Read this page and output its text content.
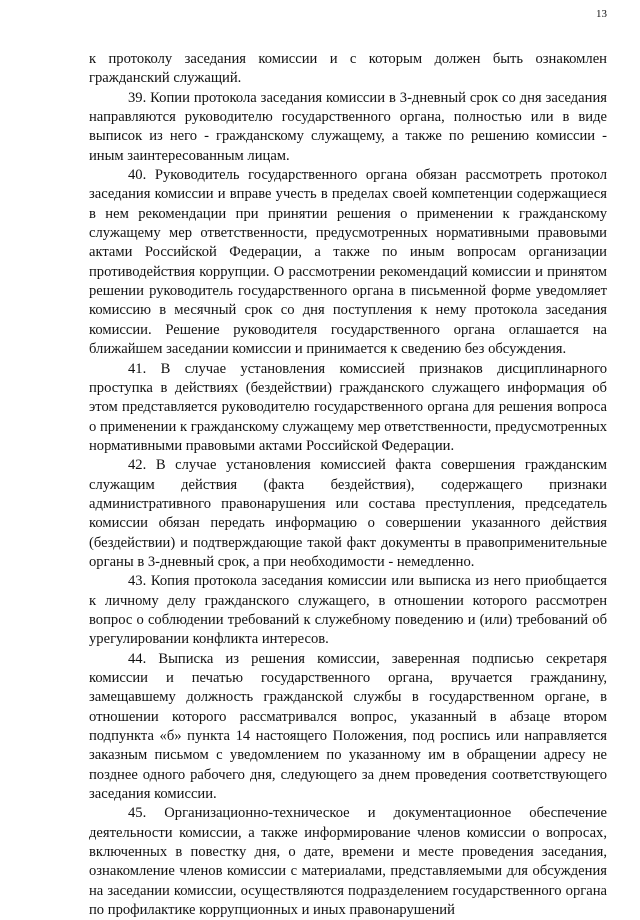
13

к протоколу заседания комиссии и с которым должен быть ознакомлен гражданский служащий.

39. Копии протокола заседания комиссии в 3-дневный срок со дня заседания направляются руководителю государственного органа, полностью или в виде выписок из него - гражданскому служащему, а также по решению комиссии - иным заинтересованным лицам.

40. Руководитель государственного органа обязан рассмотреть протокол заседания комиссии и вправе учесть в пределах своей компетенции содержащиеся в нем рекомендации при принятии решения о применении к гражданскому служащему мер ответственности, предусмотренных нормативными правовыми актами Российской Федерации, а также по иным вопросам организации противодействия коррупции. О рассмотрении рекомендаций комиссии и принятом решении руководитель государственного органа в письменной форме уведомляет комиссию в месячный срок со дня поступления к нему протокола заседания комиссии. Решение руководителя государственного органа оглашается на ближайшем заседании комиссии и принимается к сведению без обсуждения.

41. В случае установления комиссией признаков дисциплинарного проступка в действиях (бездействии) гражданского служащего информация об этом представляется руководителю государственного органа для решения вопроса о применении к гражданскому служащему мер ответственности, предусмотренных нормативными правовыми актами Российской Федерации.

42. В случае установления комиссией факта совершения гражданским служащим действия (факта бездействия), содержащего признаки административного правонарушения или состава преступления, председатель комиссии обязан передать информацию о совершении указанного действия (бездействии) и подтверждающие такой факт документы в правоприменительные органы в 3-дневный срок, а при необходимости - немедленно.

43. Копия протокола заседания комиссии или выписка из него приобщается к личному делу гражданского служащего, в отношении которого рассмотрен вопрос о соблюдении требований к служебному поведению и (или) требований об урегулировании конфликта интересов.

44. Выписка из решения комиссии, заверенная подписью секретаря комиссии и печатью государственного органа, вручается гражданину, замещавшему должность гражданской службы в государственном органе, в отношении которого рассматривался вопрос, указанный в абзаце втором подпункта «б» пункта 14 настоящего Положения, под роспись или направляется заказным письмом с уведомлением по указанному им в обращении адресу не позднее одного рабочего дня, следующего за днем проведения соответствующего заседания комиссии.

45. Организационно-техническое и документационное обеспечение деятельности комиссии, а также информирование членов комиссии о вопросах, включенных в повестку дня, о дате, времени и месте проведения заседания, ознакомление членов комиссии с материалами, представляемыми для обсуждения на заседании комиссии, осуществляются подразделением государственного органа по профилактике коррупционных и иных правонарушений
